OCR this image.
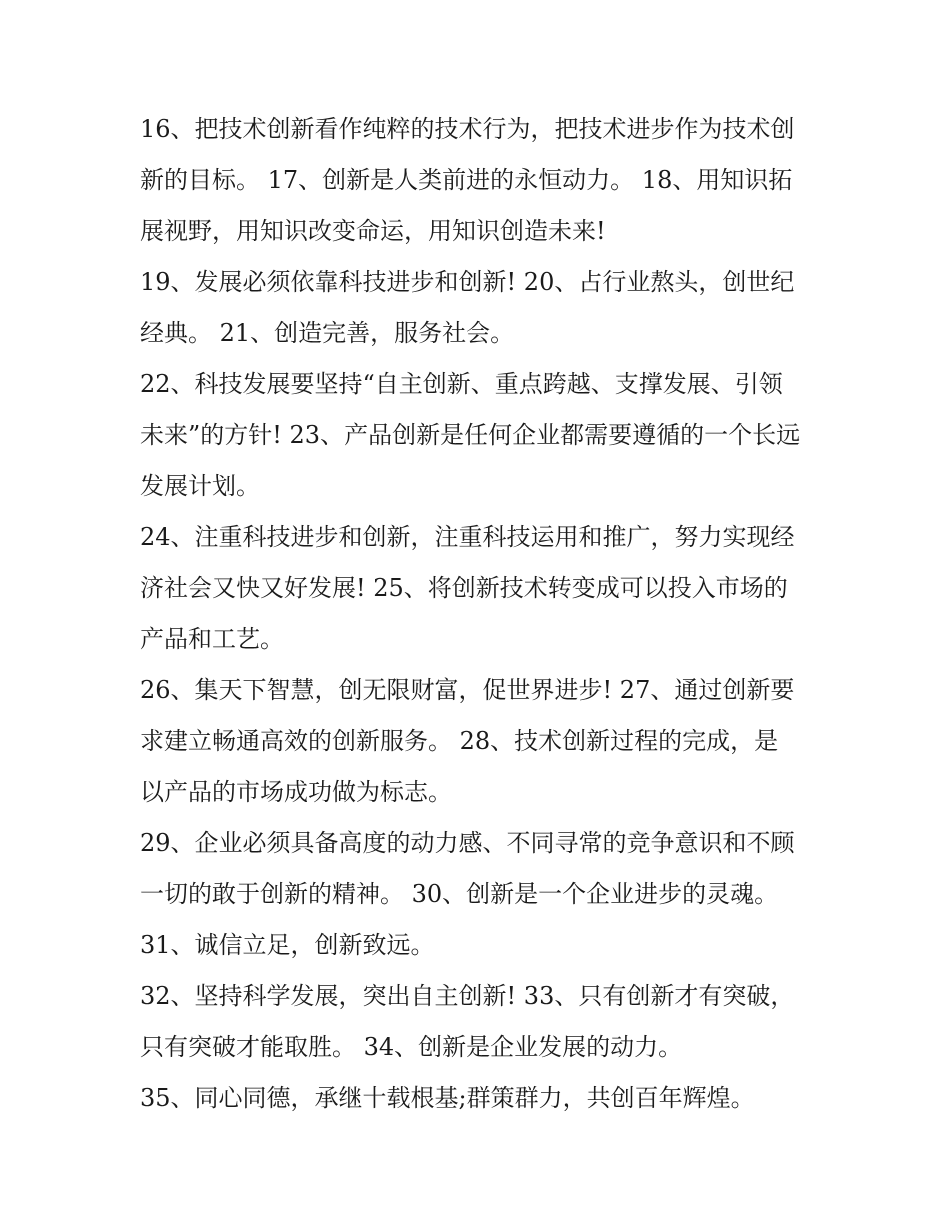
16、把技术创新看作纯粹的技术行为，把技术进步作为技术创
新的目标。 17、创新是人类前进的永恒动力。 18、用知识拓
展视野，用知识改变命运，用知识创造未来!
19、发展必须依靠科技进步和创新! 20、占行业熬头，创世纪
经典。 21、创造完善，服务社会。
22、科技发展要坚持“自主创新、重点跨越、支撑发展、引领
未来”的方针! 23、产品创新是任何企业都需要遵循的一个长远
发展计划。
24、注重科技进步和创新，注重科技运用和推广，努力实现经
济社会又快又好发展! 25、将创新技术转变成可以投入市场的
产品和工艺。
26、集天下智慧，创无限财富，促世界进步! 27、通过创新要
求建立畅通高效的创新服务。 28、技术创新过程的完成，是
以产品的市场成功做为标志。
29、企业必须具备高度的动力感、不同寻常的竞争意识和不顾
一切的敢于创新的精神。 30、创新是一个企业进步的灵魂。
31、诚信立足，创新致远。
32、坚持科学发展，突出自主创新! 33、只有创新才有突破，
只有突破才能取胜。 34、创新是企业发展的动力。
35、同心同德，承继十载根基;群策群力，共创百年辉煌。
